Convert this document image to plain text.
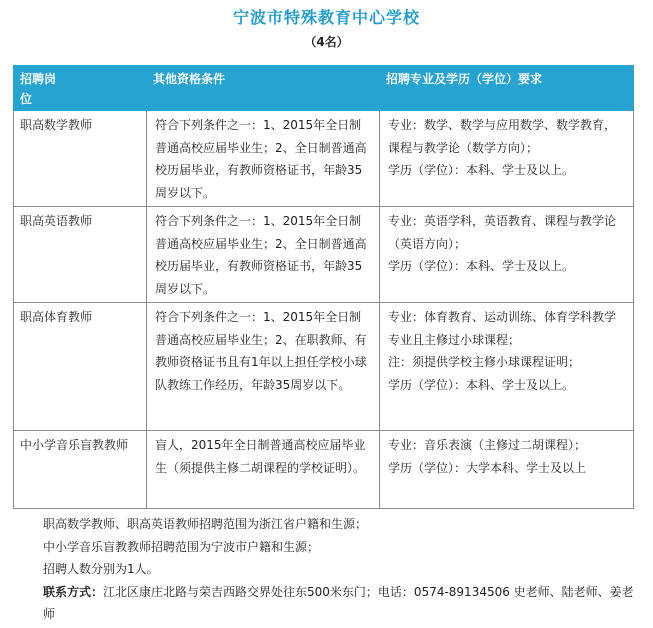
宁波市特殊教育中心学校
（4名）
招聘岗位	其他资格条件	招聘专业及学历（学位）要求
职高数学教师	符合下列条件之一：1、2015年全日制普通高校应届毕业生；2、全日制普通高校历届毕业，有教师资格证书，年龄35周岁以下。	专业：数学、数学与应用数学、数学教育，课程与教学论（数学方向）；
学历（学位）：本科、学士及以上。

职高英语教师	符合下列条件之一：1、2015年全日制普通高校应届毕业生；2、全日制普通高校历届毕业，有教师资格证书，年龄35周岁以下。	专业：英语学科，英语教育、课程与教学论（英语方向）；
学历（学位）：本科、学士及以上。

职高体育教师	符合下列条件之一：1、2015年全日制普通高校应届毕业生；2、在职教师、有教师资格证书且有1年以上担任学校小球队教练工作经历，年龄35周岁以下。	专业：体育教育、运动训练、体育学科教学专业且主修过小球课程；
注：须提供学校主修小球课程证明；
学历（学位）：本科、学士及以上。

中小学音乐盲教教师	盲人，2015年全日制普通高校应届毕业生（须提供主修二胡课程的学校证明）。	专业：音乐表演（主修过二胡课程）；
学历（学位）：大学本科、学士及以上
职高数学教师、职高英语教师招聘范围为浙江省户籍和生源；
中小学音乐盲教教师招聘范围为宁波市户籍和生源；
招聘人数分别为1人。
联系方式：江北区康庄北路与荣吉西路交界处往东500米东门；电话：0574-89134506 史老师、陆老师、姜老师
